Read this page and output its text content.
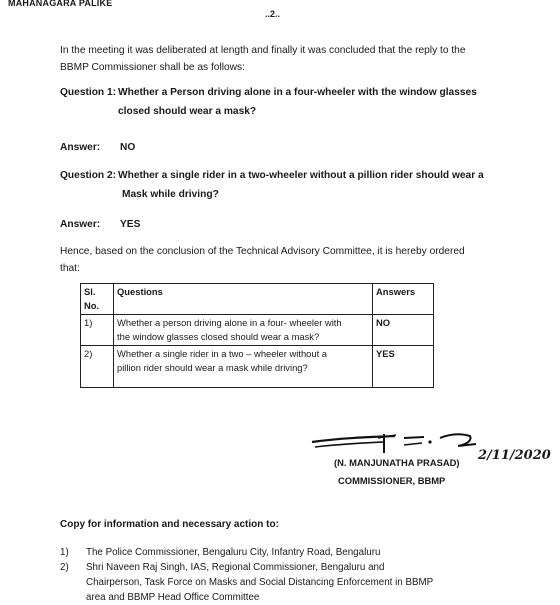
MAHANAGARA PALIKE
..2..
In the meeting it was deliberated at length and finally it was concluded that the reply to the
BBMP Commissioner shall be as follows:
Question 1: Whether a Person driving alone in a four-wheeler with the window glasses
closed should wear a mask?
Answer: NO
Question 2: Whether a single rider in a two-wheeler without a pillion rider should wear a
Mask while driving?
Answer: YES
Hence, based on the conclusion of the Technical Advisory Committee, it is hereby ordered
that:
Sl.
No.	Questions	Answers
1)	Whether a person driving alone in a four- wheeler with
the window glasses closed should wear a mask?	NO
2)	Whether a single rider in a two – wheeler without a
pillion rider should wear a mask while driving?	YES
2/11/2020
(N. MANJUNATHA PRASAD)
COMMISSIONER, BBMP
Copy for information and necessary action to:
1) The Police Commissioner, Bengaluru City, Infantry Road, Bengaluru
2) Shri Naveen Raj Singh, IAS, Regional Commissioner, Bengaluru and
Chairperson, Task Force on Masks and Social Distancing Enforcement in BBMP
area and BBMP Head Office Committee
